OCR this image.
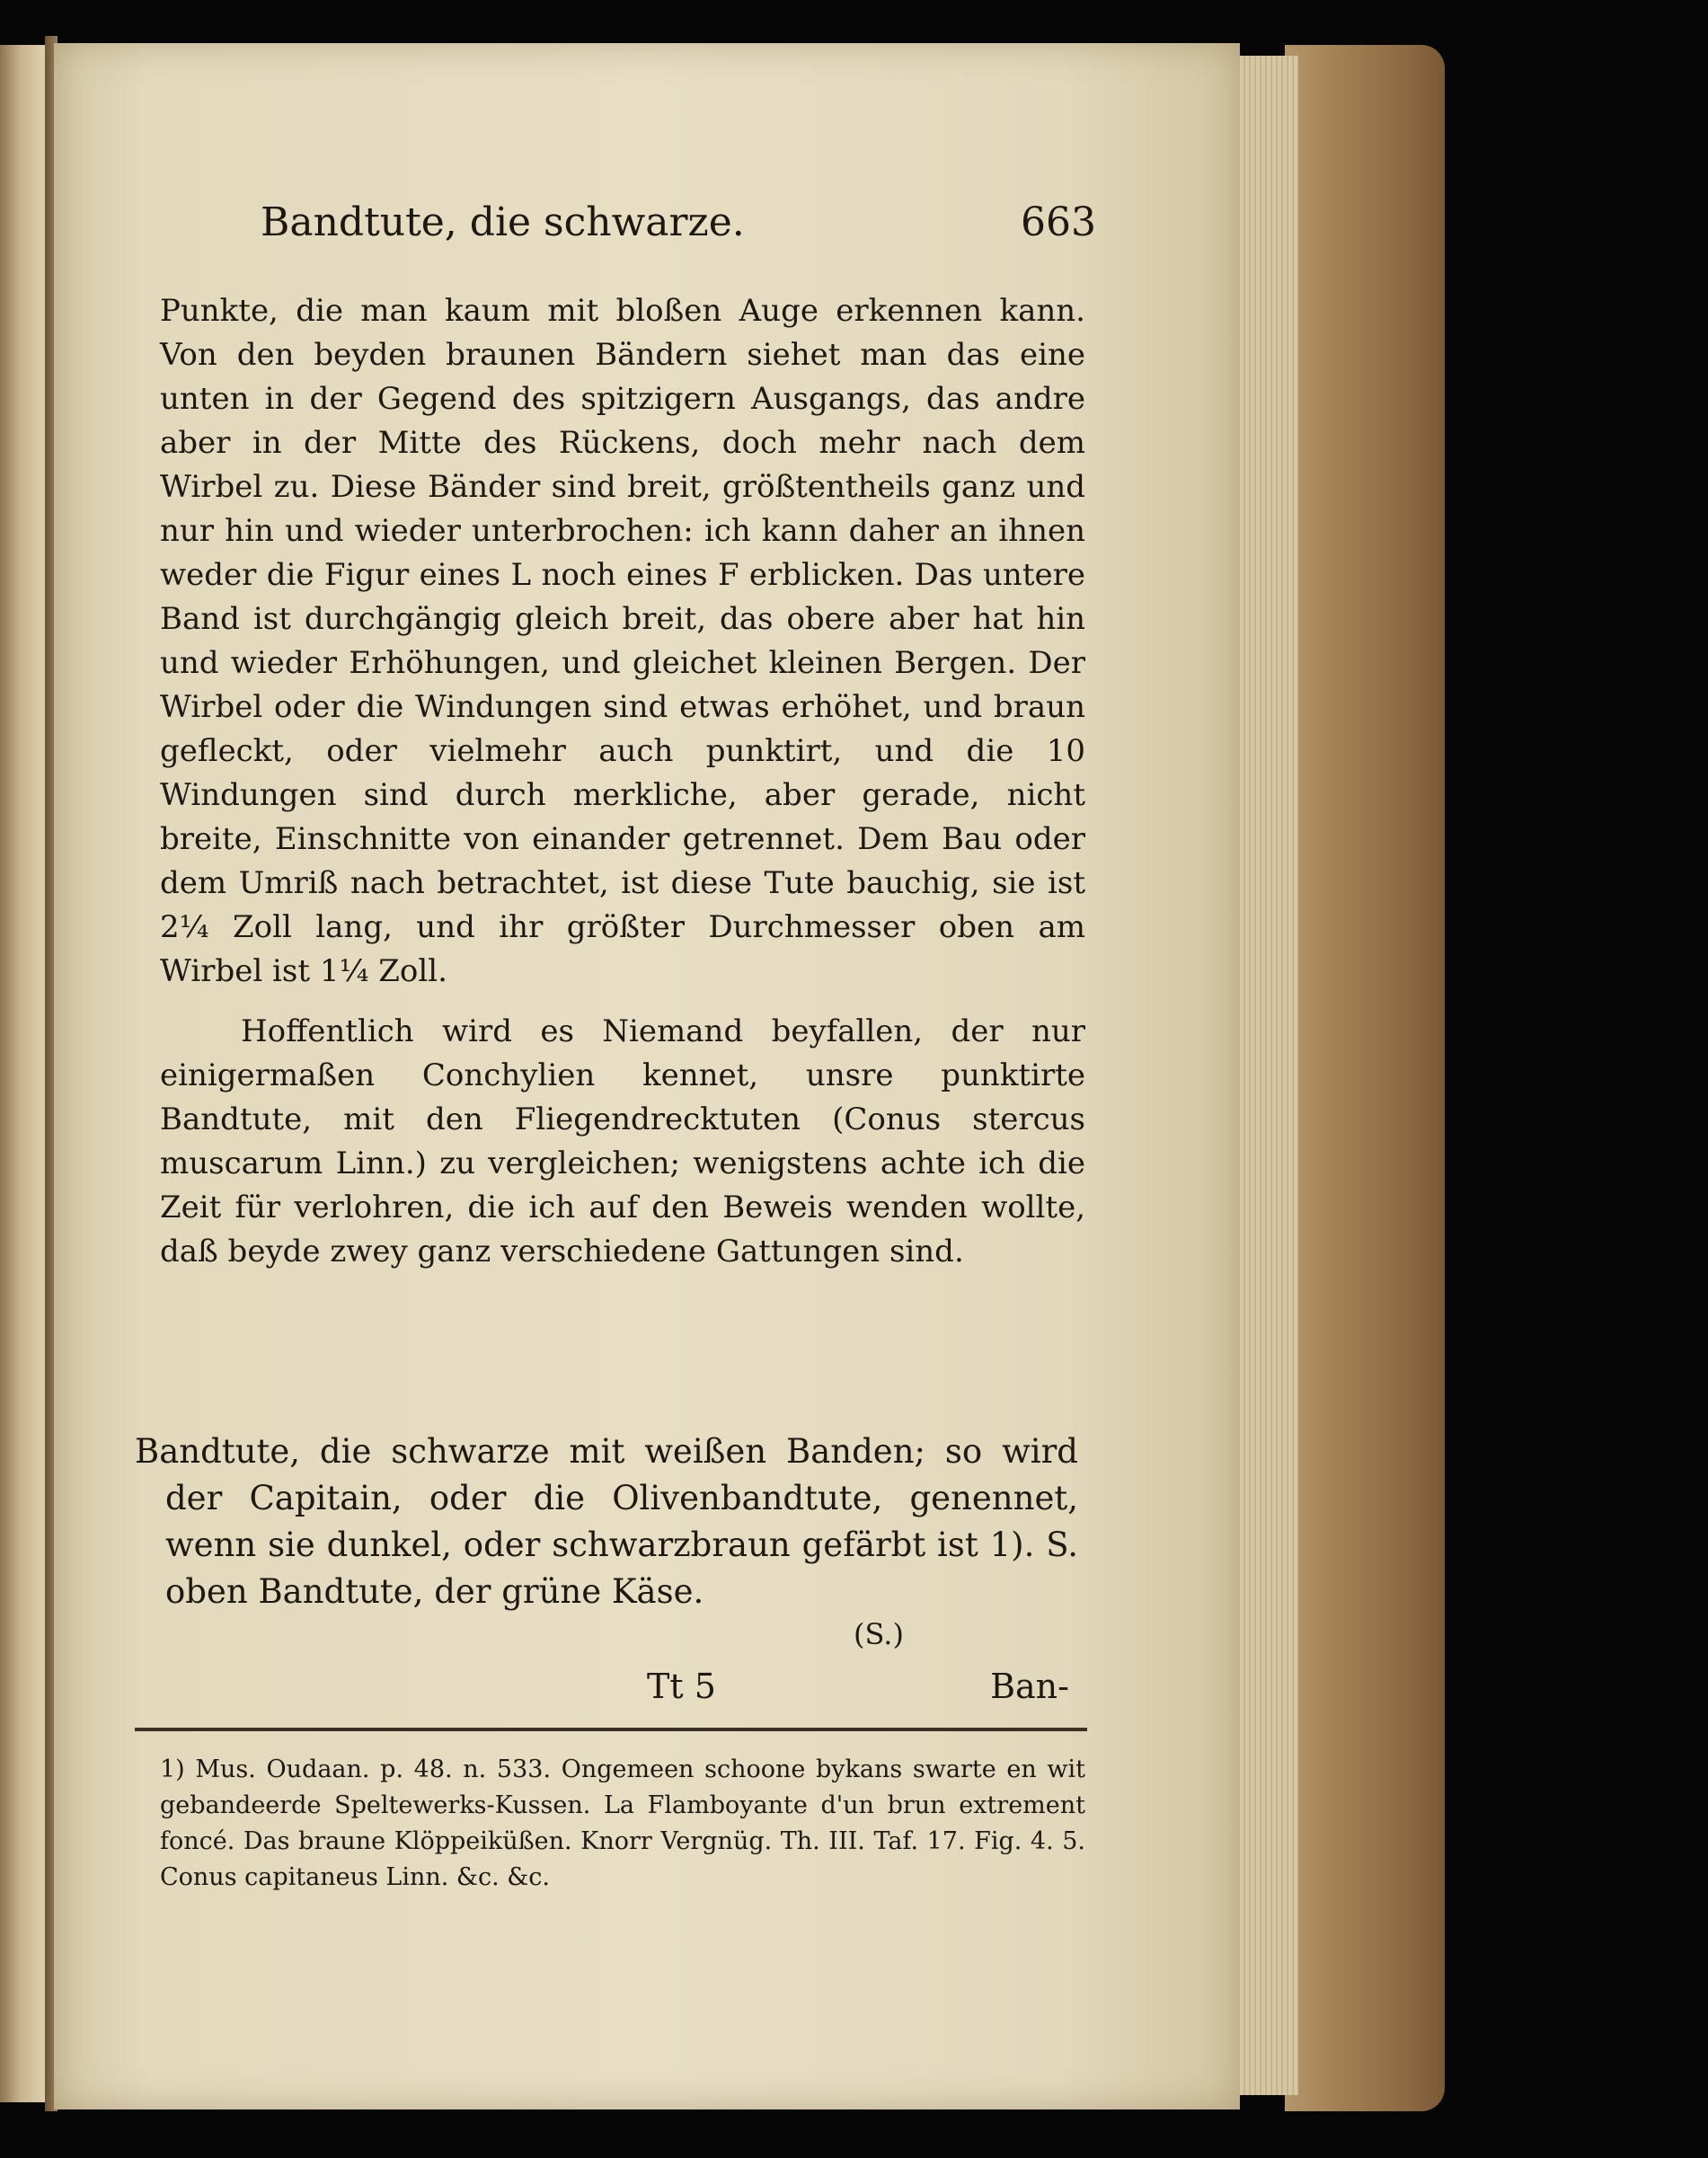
Bandtute, die schwarze.	663

Punkte, die man kaum mit bloßen Auge erkennen kann. Von den beyden braunen Bändern siehet man das eine unten in der Gegend des spitzigern Ausgangs, das andre aber in der Mitte des Rückens, doch mehr nach dem Wirbel zu. Diese Bänder sind breit, größtentheils ganz und nur hin und wieder unterbrochen: ich kann daher an ihnen weder die Figur eines L noch eines F erblicken. Das untere Band ist durchgängig gleich breit, das obere aber hat hin und wieder Erhöhungen, und gleichet kleinen Bergen. Der Wirbel oder die Windungen sind etwas erhöhet, und braun gefleckt, oder vielmehr auch punktirt, und die 10 Windungen sind durch merkliche, aber gerade, nicht breite, Einschnitte von einander getrennet. Dem Bau oder dem Umriß nach betrachtet, ist diese Tute bauchig, sie ist 2¼ Zoll lang, und ihr größter Durchmesser oben am Wirbel ist 1¼ Zoll.

Hoffentlich wird es Niemand beyfallen, der nur einigermaßen Conchylien kennet, unsre punktirte Bandtute, mit den Fliegendrecktuten (Conus stercus muscarum Linn.) zu vergleichen; wenigstens achte ich die Zeit für verlohren, die ich auf den Beweis wenden wollte, daß beyde zwey ganz verschiedene Gattungen sind.

Bandtute, die schwarze mit weißen Banden; so wird der Capitain, oder die Olivenbandtute, genennet, wenn sie dunkel, oder schwarzbraun gefärbt ist 1). S. oben Bandtute, der grüne Käse.

(S.)
Tt 5	Ban-

1) Mus. Oudaan. p. 48. n. 533. Ongemeen schoone bykans swarte en wit gebandeerde Speltewerks-Kussen. La Flamboyante d'un brun extrement foncé. Das braune Klöppeiküßen. Knorr Vergnüg. Th. III. Taf. 17. Fig. 4. 5. Conus capitaneus Linn. &c. &c.
